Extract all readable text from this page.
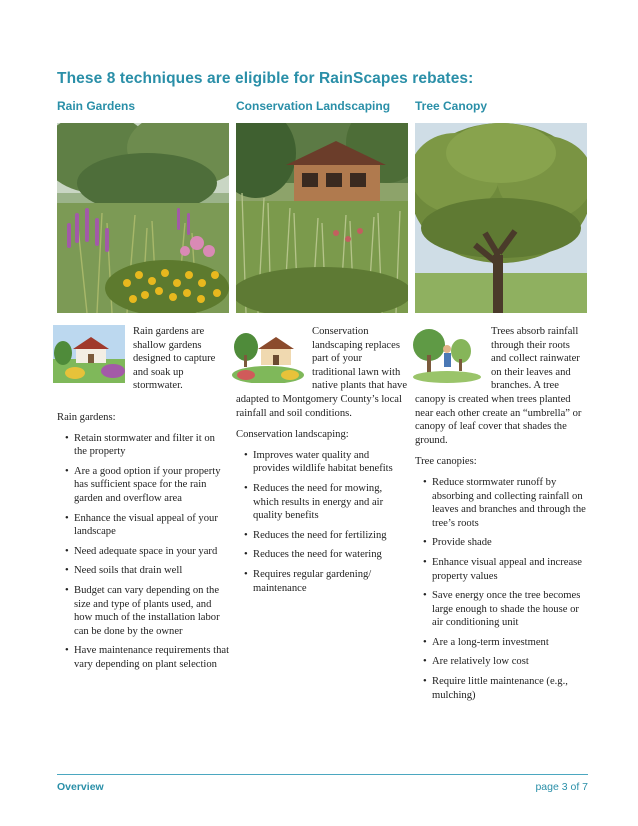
These 8 techniques are eligible for RainScapes rebates:
Rain Gardens

Rain gardens are shallow gardens designed to capture and soak up stormwater.

Rain gardens:
• Retain stormwater and filter it on the property
• Are a good option if your property has sufficient space for the rain garden and overflow area
• Enhance the visual appeal of your landscape
• Need adequate space in your yard
• Need soils that drain well
• Budget can vary depending on the size and type of plants used, and how much of the installation labor can be done by the owner
• Have maintenance requirements that vary depending on plant selection
Conservation Landscaping

Conservation landscaping replaces part of your traditional lawn with native plants that have adapted to Montgomery County’s local rainfall and soil conditions.

Conservation landscaping:
• Improves water quality and provides wildlife habitat benefits
• Reduces the need for mowing, which results in energy and air quality benefits
• Reduces the need for fertilizing
• Reduces the need for watering
• Requires regular gardening/ maintenance
Tree Canopy

Trees absorb rainfall through their roots and collect rainwater on their leaves and branches. A tree canopy is created when trees planted near each other create an “umbrella” or canopy of leaf cover that shades the ground.

Tree canopies:
• Reduce stormwater runoff by absorbing and collecting rainfall on leaves and branches and through the tree’s roots
• Provide shade
• Enhance visual appeal and increase property values
• Save energy once the tree becomes large enough to shade the house or air conditioning unit
• Are a long-term investment
• Are relatively low cost
• Require little maintenance (e.g., mulching)
Overview	page 3 of 7
